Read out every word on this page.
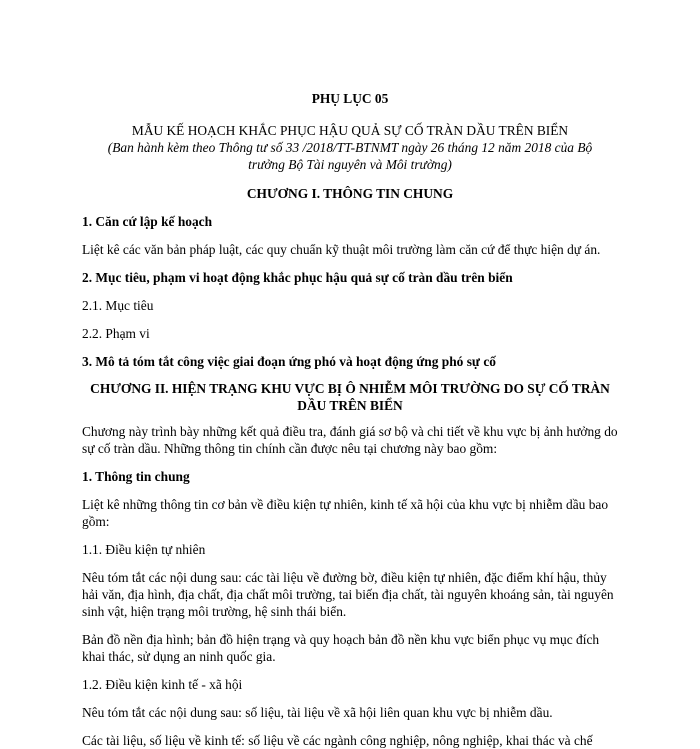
PHỤ LỤC 05
MẪU KẾ HOẠCH KHẮC PHỤC HẬU QUẢ SỰ CỐ TRÀN DẦU TRÊN BIỂN
(Ban hành kèm theo Thông tư số 33 /2018/TT-BTNMT ngày 26 tháng 12 năm 2018 của Bộ trưởng Bộ Tài nguyên và Môi trường)
CHƯƠNG I. THÔNG TIN CHUNG
1. Căn cứ lập kế hoạch
Liệt kê các văn bản pháp luật, các quy chuẩn kỹ thuật môi trường làm căn cứ để thực hiện dự án.
2. Mục tiêu, phạm vi hoạt động khắc phục hậu quả sự cố tràn dầu trên biển
2.1. Mục tiêu
2.2. Phạm vi
3. Mô tả tóm tắt công việc giai đoạn ứng phó và hoạt động ứng phó sự cố
CHƯƠNG II. HIỆN TRẠNG KHU VỰC BỊ Ô NHIỄM MÔI TRƯỜNG DO SỰ CỐ TRÀN DẦU TRÊN BIỂN
Chương này trình bày những kết quả điều tra, đánh giá sơ bộ và chi tiết về khu vực bị ảnh hưởng do sự cố tràn dầu. Những thông tin chính cần được nêu tại chương này bao gồm:
1. Thông tin chung
Liệt kê những thông tin cơ bản về điều kiện tự nhiên, kinh tế xã hội của khu vực bị nhiễm dầu bao gồm:
1.1. Điều kiện tự nhiên
Nêu tóm tắt các nội dung sau: các tài liệu về đường bờ, điều kiện tự nhiên, đặc điểm khí hậu, thủy hải văn, địa hình, địa chất, địa chất môi trường, tai biến địa chất, tài nguyên khoáng sản, tài nguyên sinh vật, hiện trạng môi trường, hệ sinh thái biển.
Bản đồ nền địa hình; bản đồ hiện trạng và quy hoạch bản đồ nền khu vực biển phục vụ mục đích khai thác, sử dụng an ninh quốc gia.
1.2. Điều kiện kinh tế - xã hội
Nêu tóm tắt các nội dung sau: số liệu, tài liệu về xã hội liên quan khu vực bị nhiễm dầu.
Các tài liệu, số liệu về kinh tế: số liệu về các ngành công nghiệp, nông nghiệp, khai thác và chế
